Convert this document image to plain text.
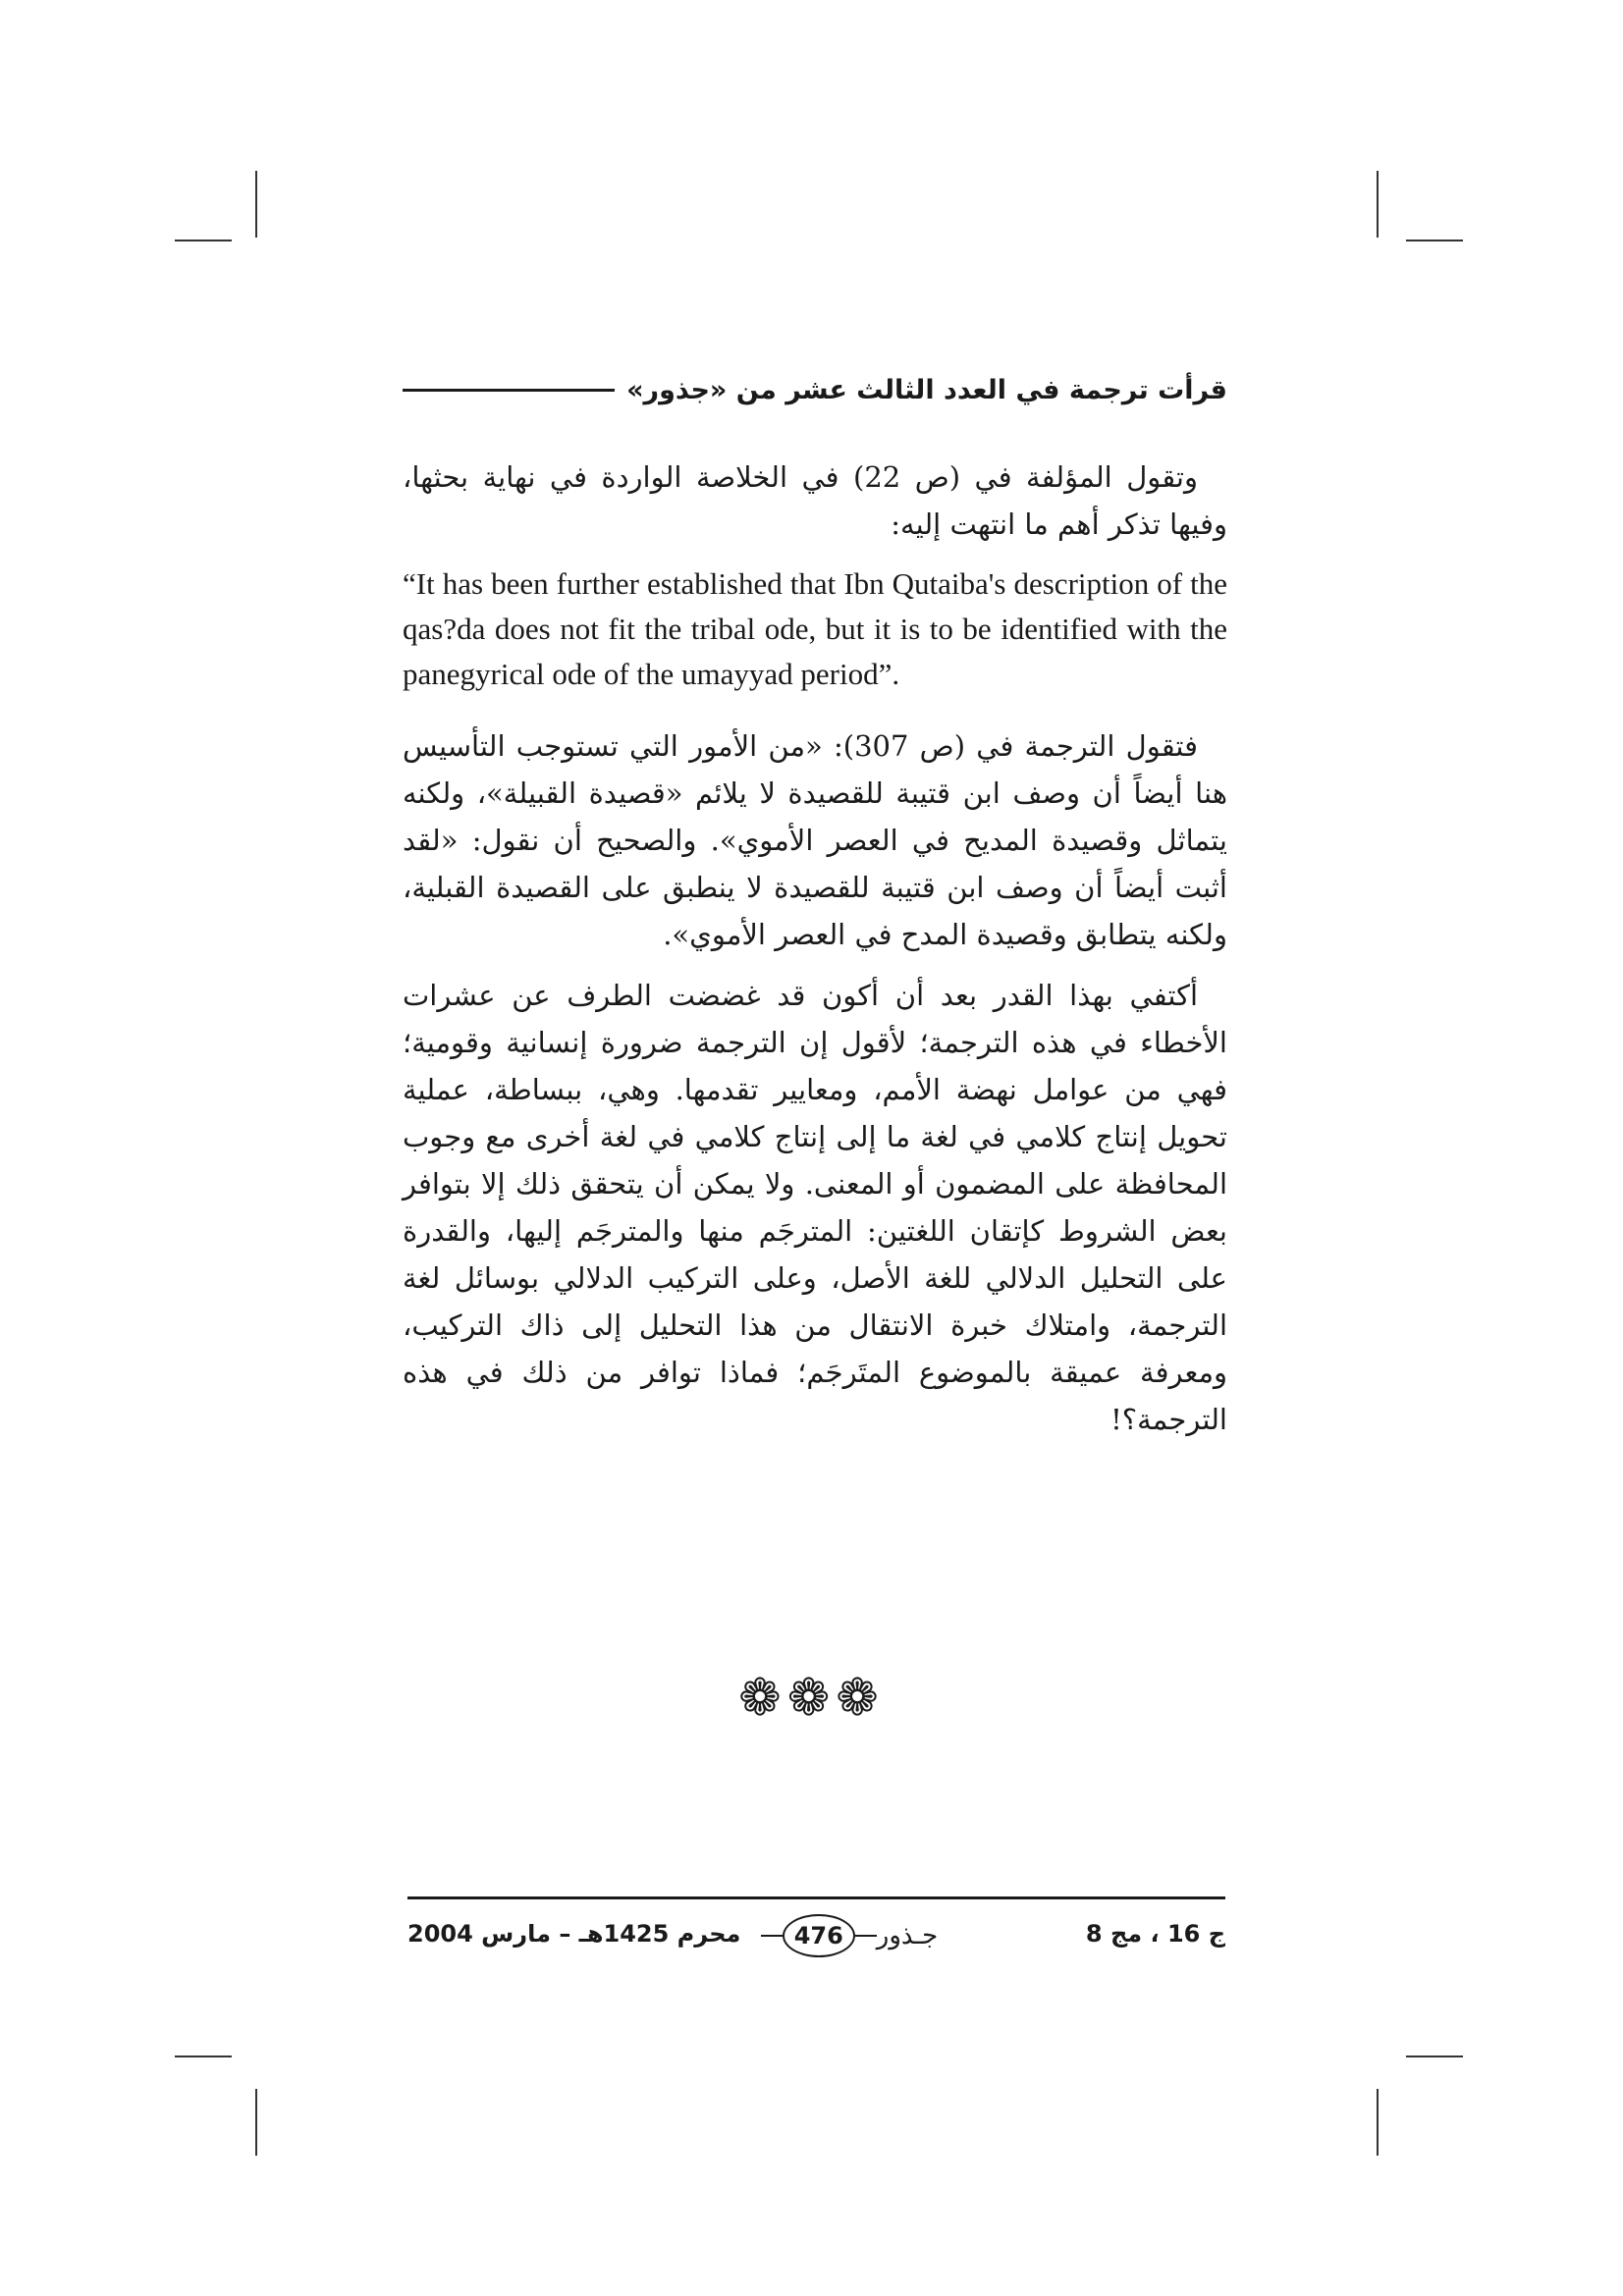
قرأت ترجمة في العدد الثالث عشر من «جذور»

وتقول المؤلفة في (ص 22) في الخلاصة الواردة في نهاية بحثها، وفيها تذكر أهم ما انتهت إليه:

“It has been further established that Ibn Qutaiba's description of the qas?da does not fit the tribal ode, but it is to be identified with the panegyrical ode of the umayyad period”.

فتقول الترجمة في (ص 307): «من الأمور التي تستوجب التأسيس هنا أيضاً أن وصف ابن قتيبة للقصيدة لا يلائم «قصيدة القبيلة»، ولكنه يتماثل وقصيدة المديح في العصر الأموي». والصحيح أن نقول: «لقد أثبت أيضاً أن وصف ابن قتيبة للقصيدة لا ينطبق على القصيدة القبلية، ولكنه يتطابق وقصيدة المدح في العصر الأموي».

أكتفي بهذا القدر بعد أن أكون قد غضضت الطرف عن عشرات الأخطاء في هذه الترجمة؛ لأقول إن الترجمة ضرورة إنسانية وقومية؛ فهي من عوامل نهضة الأمم، ومعايير تقدمها. وهي، ببساطة، عملية تحويل إنتاج كلامي في لغة ما إلى إنتاج كلامي في لغة أخرى مع وجوب المحافظة على المضمون أو المعنى. ولا يمكن أن يتحقق ذلك إلا بتوافر بعض الشروط كإتقان اللغتين: المترجَم منها والمترجَم إليها، والقدرة على التحليل الدلالي للغة الأصل، وعلى التركيب الدلالي بوسائل لغة الترجمة، وامتلاك خبرة الانتقال من هذا التحليل إلى ذاك التركيب، ومعرفة عميقة بالموضوع المتَرجَم؛ فماذا توافر من ذلك في هذه الترجمة؟!

❁❁❁
محرم 1425هـ – مارس 2004	جـذور
476	ج 16 ، مج 8
